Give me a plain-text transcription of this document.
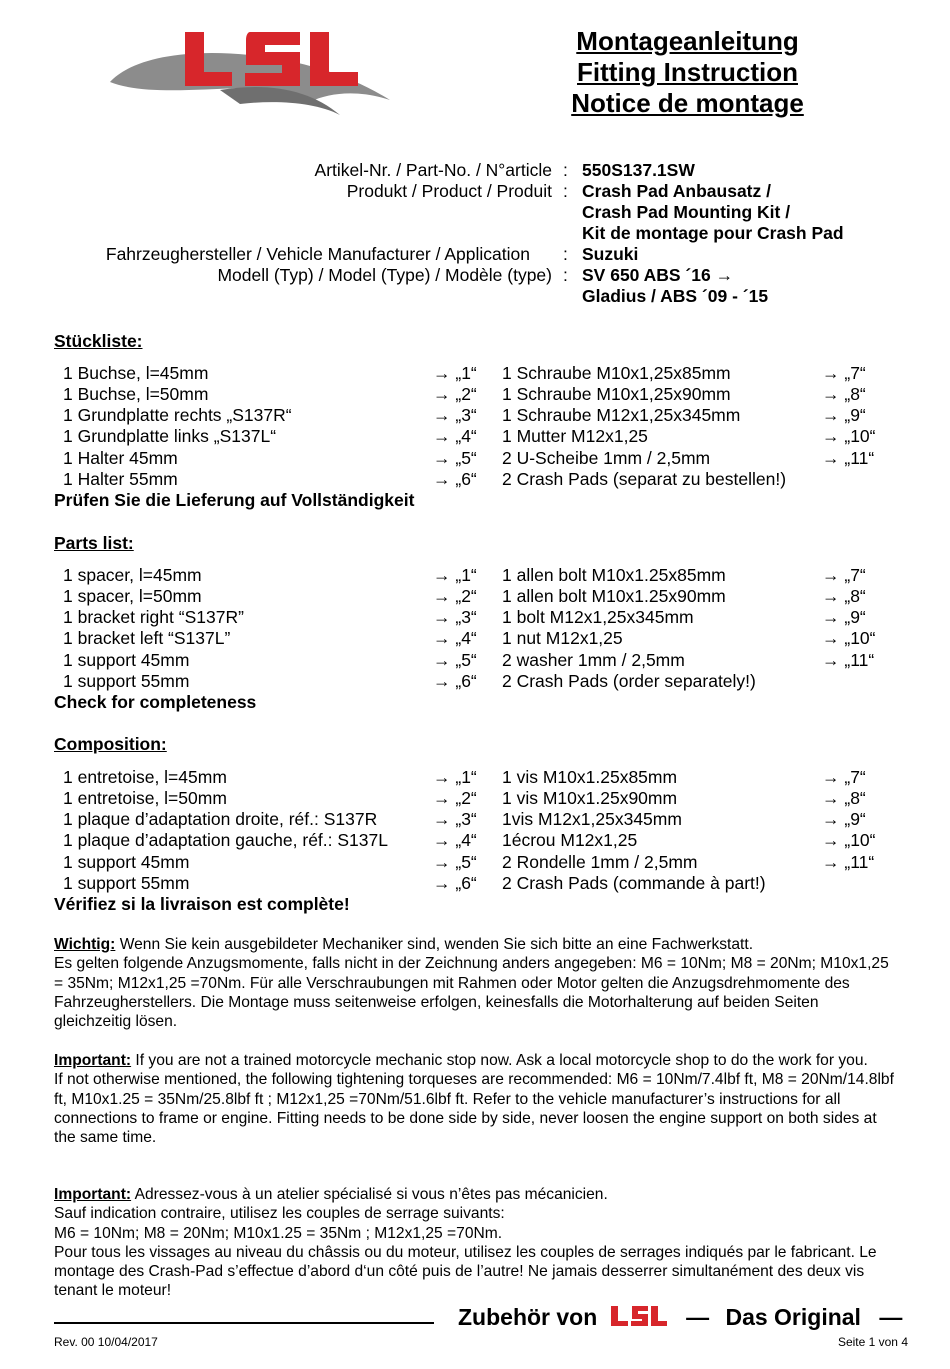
Montageanleitung
Fitting Instruction
Notice de montage
Artikel-Nr. / Part-No. / N°article : 550S137.1SW
Produkt / Product / Produit : Crash Pad Anbausatz /
Crash Pad Mounting Kit /
Kit de montage pour Crash Pad
Fahrzeughersteller / Vehicle Manufacturer / Application : Suzuki
Modell (Typ) / Model (Type) / Modèle (type) : SV 650 ABS ´16 →
Gladius / ABS ´09 - ´15
Stückliste:
1 Buchse, l=45mm	→ „1“ 1 Schraube M10x1,25x85mm	→ „7“
1 Buchse, l=50mm	→ „2“ 1 Schraube M10x1,25x90mm	→ „8“
1 Grundplatte rechts „S137R“	→ „3“ 1 Schraube M12x1,25x345mm	→ „9“
1 Grundplatte links „S137L“	→ „4“ 1 Mutter M12x1,25	→ „10“
1 Halter 45mm	→ „5“ 2 U-Scheibe 1mm / 2,5mm	→ „11“
1 Halter 55mm	→ „6“ 2 Crash Pads (separat zu bestellen!)
Prüfen Sie die Lieferung auf Vollständigkeit
Parts list:
1 spacer, l=45mm	→ „1“ 1 allen bolt M10x1.25x85mm	→ „7“
1 spacer, l=50mm	→ „2“ 1 allen bolt M10x1.25x90mm	→ „8“
1 bracket right “S137R”	→ „3“ 1 bolt M12x1,25x345mm	→ „9“
1 bracket left “S137L”	→ „4“ 1 nut M12x1,25	→ „10“
1 support 45mm	→ „5“ 2 washer 1mm / 2,5mm	→ „11“
1 support 55mm	→ „6“ 2 Crash Pads (order separately!)
Check for completeness
Composition:
1 entretoise, l=45mm	→ „1“ 1 vis M10x1.25x85mm	→ „7“
1 entretoise, l=50mm	→ „2“ 1 vis M10x1.25x90mm	→ „8“
1 plaque d’adaptation droite, réf.: S137R	→ „3“ 1vis M12x1,25x345mm	→ „9“
1 plaque d’adaptation gauche, réf.: S137L	→ „4“ 1écrou M12x1,25	→ „10“
1 support 45mm	→ „5“ 2 Rondelle 1mm / 2,5mm	→ „11“
1 support 55mm	→ „6“ 2 Crash Pads (commande à part!)
Vérifiez si la livraison est complète!
Wichtig: Wenn Sie kein ausgebildeter Mechaniker sind, wenden Sie sich bitte an eine Fachwerkstatt.
Es gelten folgende Anzugsmomente, falls nicht in der Zeichnung anders angegeben: M6 = 10Nm; M8 = 20Nm; M10x1,25 = 35Nm; M12x1,25 =70Nm. Für alle Verschraubungen mit Rahmen oder Motor gelten die Anzugsdrehmomente des Fahrzeugherstellers. Die Montage muss seitenweise erfolgen, keinesfalls die Motorhalterung auf beiden Seiten gleichzeitig lösen.
Important: If you are not a trained motorcycle mechanic stop now. Ask a local motorcycle shop to do the work for you.
If not otherwise mentioned, the following tightening torqueses are recommended: M6 = 10Nm/7.4lbf ft, M8 = 20Nm/14.8lbf ft, M10x1.25 = 35Nm/25.8lbf ft ; M12x1,25 =70Nm/51.6lbf ft. Refer to the vehicle manufacturer’s instructions for all connections to frame or engine. Fitting needs to be done side by side, never loosen the engine support on both sides at the same time.
Important: Adressez-vous à un atelier spécialisé si vous n’êtes pas mécanicien.
Sauf indication contraire, utilisez les couples de serrage suivants:
M6 = 10Nm; M8 = 20Nm; M10x1.25 = 35Nm ; M12x1,25 =70Nm.
Pour tous les vissages au niveau du châssis ou du moteur, utilisez les couples de serrages indiqués par le fabricant. Le montage des Crash-Pad s’effectue d’abord d‘un côté puis de l’autre! Ne jamais desserrer simultanément des deux vis tenant le moteur!
Zubehör von	— Das Original —
Rev. 00 10/04/2017	Seite 1 von 4
